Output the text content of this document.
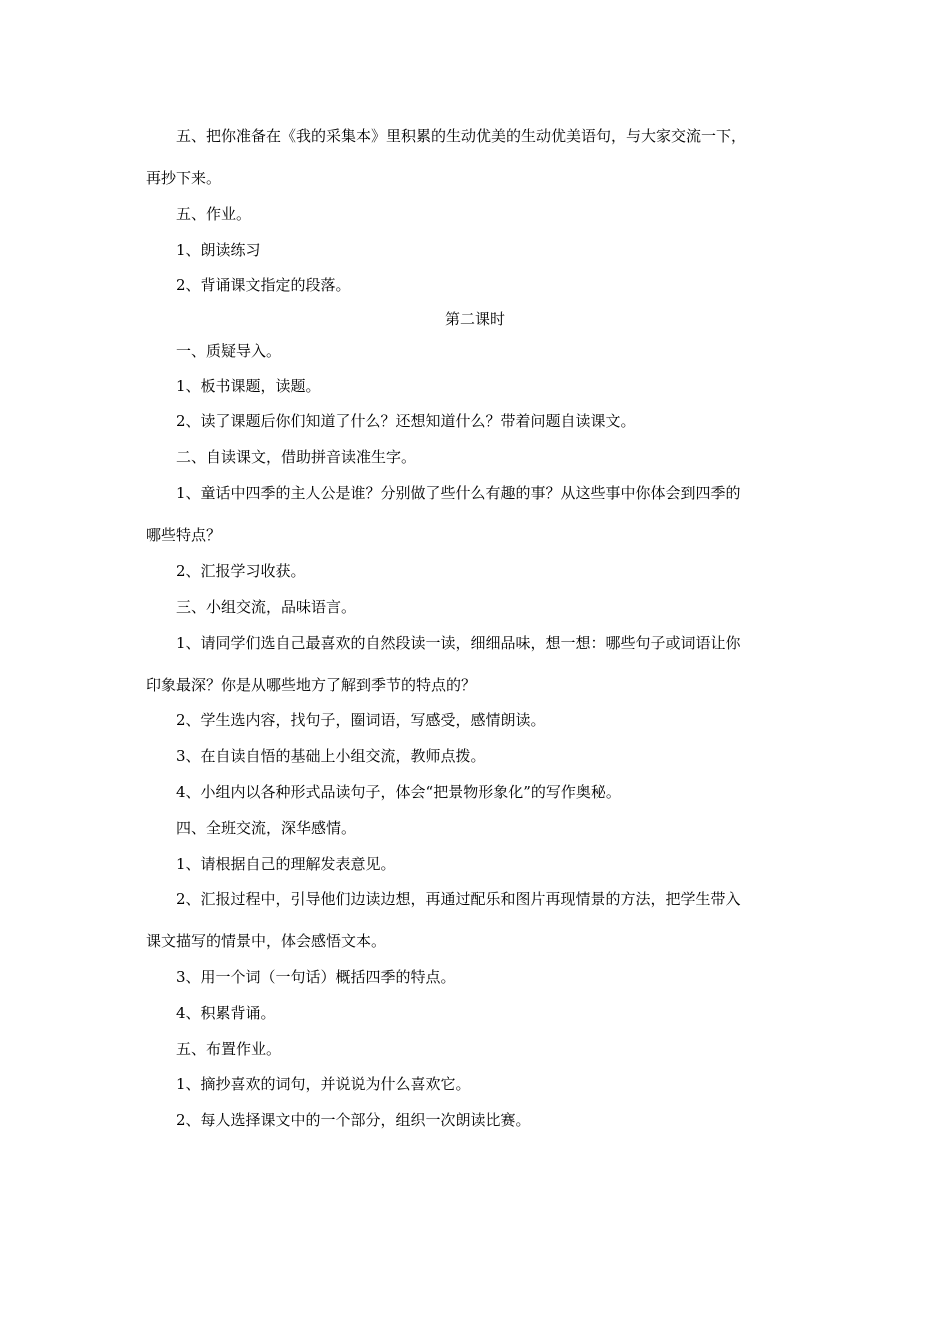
五、把你准备在《我的采集本》里积累的生动优美的生动优美语句，与大家交流一下，

再抄下来。

五、作业。

1、朗读练习

2、背诵课文指定的段落。

第二课时

一、质疑导入。

1、板书课题，读题。

2、读了课题后你们知道了什么？还想知道什么？带着问题自读课文。

二、自读课文，借助拼音读准生字。

1、童话中四季的主人公是谁？分别做了些什么有趣的事？从这些事中你体会到四季的

哪些特点？

2、汇报学习收获。

三、小组交流，品味语言。

1、请同学们选自己最喜欢的自然段读一读，细细品味，想一想：哪些句子或词语让你

印象最深？你是从哪些地方了解到季节的特点的？

2、学生选内容，找句子，圈词语，写感受，感情朗读。

3、在自读自悟的基础上小组交流，教师点拨。

4、小组内以各种形式品读句子，体会“把景物形象化”的写作奥秘。

四、全班交流，深华感情。

1、请根据自己的理解发表意见。

2、汇报过程中，引导他们边读边想，再通过配乐和图片再现情景的方法，把学生带入

课文描写的情景中，体会感悟文本。

3、用一个词（一句话）概括四季的特点。

4、积累背诵。

五、布置作业。

1、摘抄喜欢的词句，并说说为什么喜欢它。

2、每人选择课文中的一个部分，组织一次朗读比赛。
